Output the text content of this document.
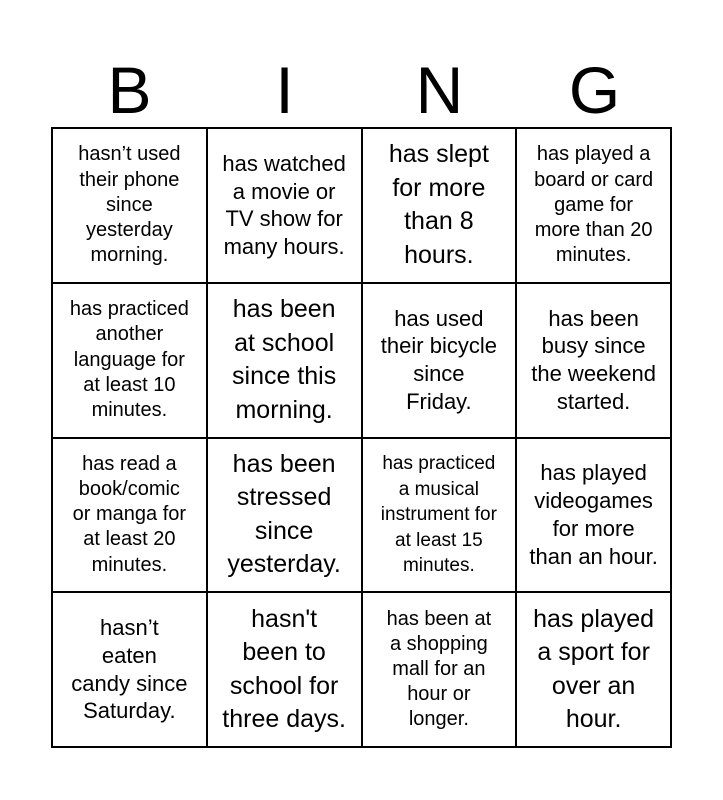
B	I	N	G
hasn’t used
their phone
since
yesterday
morning.
has watched
a movie or
TV show for
many hours.
has slept
for more
than 8
hours.
has played a
board or card
game for
more than 20
minutes.
has practiced
another
language for
at least 10
minutes.
has been
at school
since this
morning.
has used
their bicycle
since
Friday.
has been
busy since
the weekend
started.
has read a
book/comic
or manga for
at least 20
minutes.
has been
stressed
since
yesterday.
has practiced
a musical
instrument for
at least 15
minutes.
has played
videogames
for more
than an hour.
hasn’t
eaten
candy since
Saturday.
hasn't
been to
school for
three days.
has been at
a shopping
mall for an
hour or
longer.
has played
a sport for
over an
hour.
